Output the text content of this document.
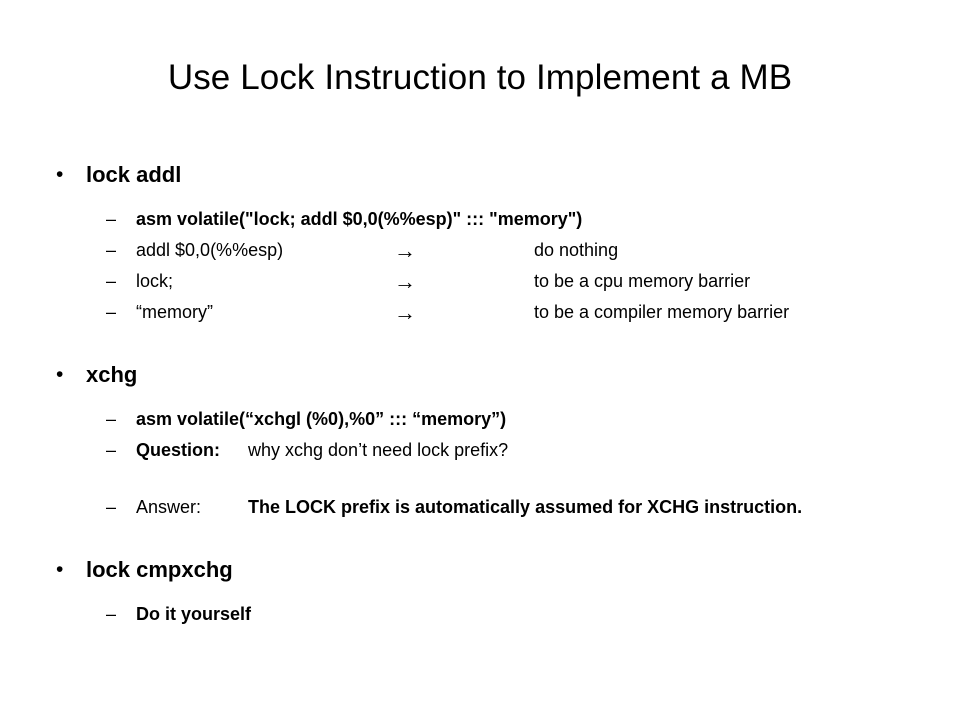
Use Lock Instruction to Implement a MB
•	lock addl
–	asm volatile("lock; addl $0,0(%%esp)" ::: "memory")
–	addl $0,0(%%esp)	→	do nothing
–	lock;	→	to be a cpu memory barrier
–	“memory”	→	to be a compiler memory barrier
•	xchg
–	asm volatile(“xchgl (%0),%0” ::: “memory”)
–	Question:	why xchg don’t need lock prefix?
–	Answer:	The LOCK prefix is automatically assumed for XCHG instruction.
•	lock cmpxchg
–	Do it yourself
